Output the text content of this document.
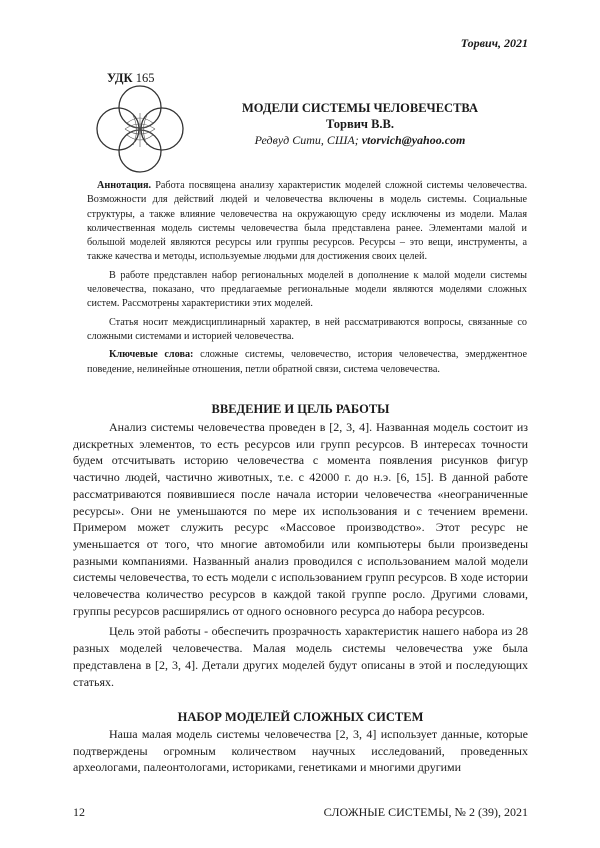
Торвич, 2021
УДК 165
МОДЕЛИ СИСТЕМЫ ЧЕЛОВЕЧЕСТВА
Торвич В.В.
Редвуд Сити, США; vtorvich@yahoo.com

Аннотация. Работа посвящена анализу характеристик моделей сложной системы человечества. Возможности для действий людей и человечества включены в модель системы. Социальные структуры, а также влияние человечества на окружающую среду исключены из модели. Малая количественная модель системы человечества была представлена ранее. Элементами малой и большой моделей являются ресурсы или группы ресурсов. Ресурсы – это вещи, инструменты, а также качества и методы, используемые людьми для достижения своих целей.

В работе представлен набор региональных моделей в дополнение к малой модели системы человечества, показано, что предлагаемые региональные модели являются моделями сложных систем. Рассмотрены характеристики этих моделей.

Статья носит междисциплинарный характер, в ней рассматриваются вопросы, связанные со сложными системами и историей человечества.

Ключевые слова: сложные системы, человечество, история человечества, эмерджентное поведение, нелинейные отношения, петли обратной связи, система человечества.

ВВЕДЕНИЕ И ЦЕЛЬ РАБОТЫ

Анализ системы человечества проведен в [2, 3, 4]. Названная модель состоит из дискретных элементов, то есть ресурсов или групп ресурсов. В интересах точности будем отсчитывать историю человечества с момента появления рисунков фигур частично людей, частично животных, т.е. с 42000 г. до н.э. [6, 15]. В данной работе рассматриваются появившиеся после начала истории человечества «неограниченные ресурсы». Они не уменьшаются по мере их использования и с течением времени. Примером может служить ресурс «Массовое производство». Этот ресурс не уменьшается от того, что многие автомобили или компьютеры были произведены разными компаниями. Названный анализ проводился с использованием малой модели системы человечества, то есть модели с использованием групп ресурсов. В ходе истории человечества количество ресурсов в каждой такой группе росло. Другими словами, группы ресурсов расширялись от одного основного ресурса до набора ресурсов.

Цель этой работы - обеспечить прозрачность характеристик нашего набора из 28 разных моделей человечества. Малая модель системы человечества уже была представлена в [2, 3, 4]. Детали других моделей будут описаны в этой и последующих статьях.

НАБОР МОДЕЛЕЙ СЛОЖНЫХ СИСТЕМ

Наша малая модель системы человечества [2, 3, 4] использует данные, которые подтверждены огромным количеством научных исследований, проведенных археологами, палеонтологами, историками, генетиками и многими другими

12	СЛОЖНЫЕ СИСТЕМЫ, № 2 (39), 2021
